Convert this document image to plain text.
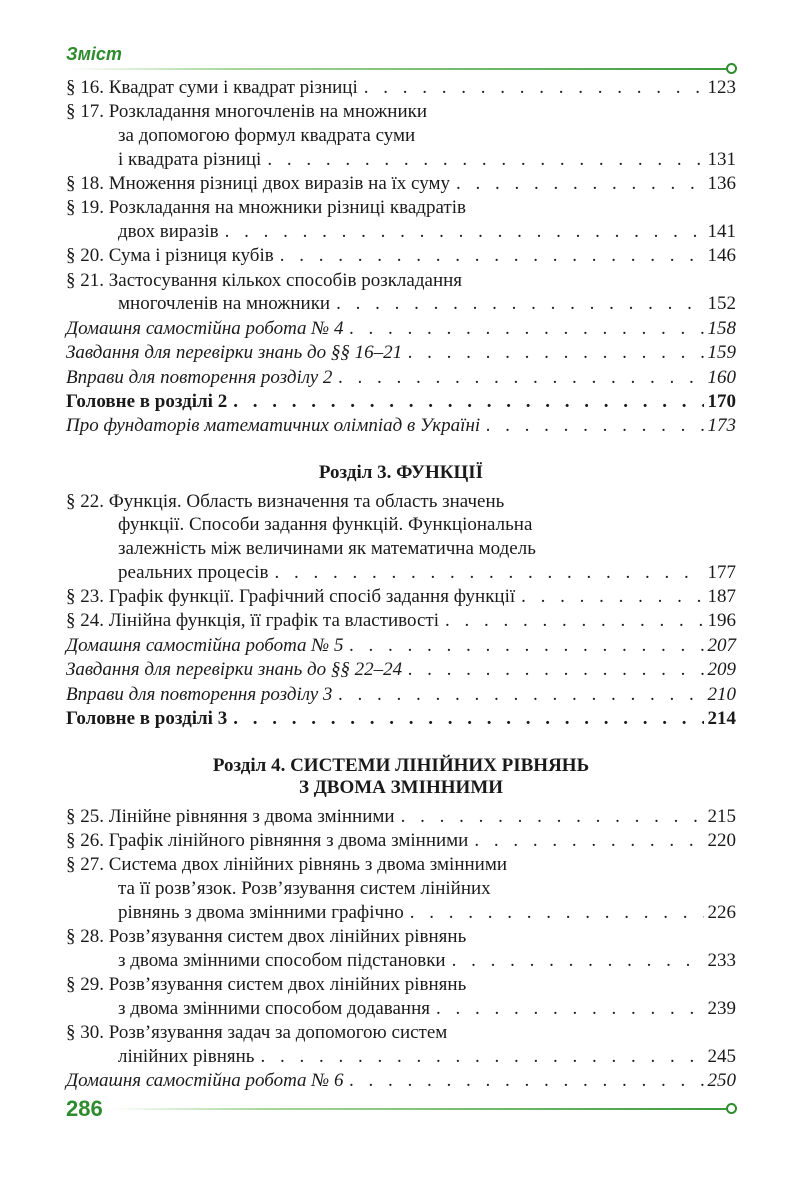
Зміст
§ 16. Квадрат суми і квадрат різниці . . .	123
§ 17. Розкладання многочленів на множники
за допомогою формул квадрата суми
і квадрата різниці . . .	131
§ 18. Множення різниці двох виразів на їх суму . . .	136
§ 19. Розкладання на множники різниці квадратів
двох виразів . . .	141
§ 20. Сума і різниця кубів . . .	146
§ 21. Застосування кількох способів розкладання
многочленів на множники . . .	152
Домашня самостійна робота № 4 . . .	158
Завдання для перевірки знань до §§ 16–21 . . .	159
Вправи для повторення розділу 2 . . .	160
Головне в розділі 2 . . .	170
Про фундаторів математичних олімпіад в Україні . . .	173
Розділ 3. ФУНКЦІЇ
§ 22. Функція. Область визначення та область значень
функції. Способи задання функцій. Функціональна
залежність між величинами як математична модель
реальних процесів . . .	177
§ 23. Графік функції. Графічний спосіб задання функції . . .	187
§ 24. Лінійна функція, її графік та властивості . . .	196
Домашня самостійна робота № 5 . . .	207
Завдання для перевірки знань до §§ 22–24 . . .	209
Вправи для повторення розділу 3 . . .	210
Головне в розділі 3 . . .	214
Розділ 4. СИСТЕМИ ЛІНІЙНИХ РІВНЯНЬ
З ДВОМА ЗМІННИМИ
§ 25. Лінійне рівняння з двома змінними . . .	215
§ 26. Графік лінійного рівняння з двома змінними . . .	220
§ 27. Система двох лінійних рівнянь з двома змінними
та її розв’язок. Розв’язування систем лінійних
рівнянь з двома змінними графічно . . .	226
§ 28. Розв’язування систем двох лінійних рівнянь
з двома змінними способом підстановки . . .	233
§ 29. Розв’язування систем двох лінійних рівнянь
з двома змінними способом додавання . . .	239
§ 30. Розв’язування задач за допомогою систем
лінійних рівнянь . . .	245
Домашня самостійна робота № 6 . . .	250
286
